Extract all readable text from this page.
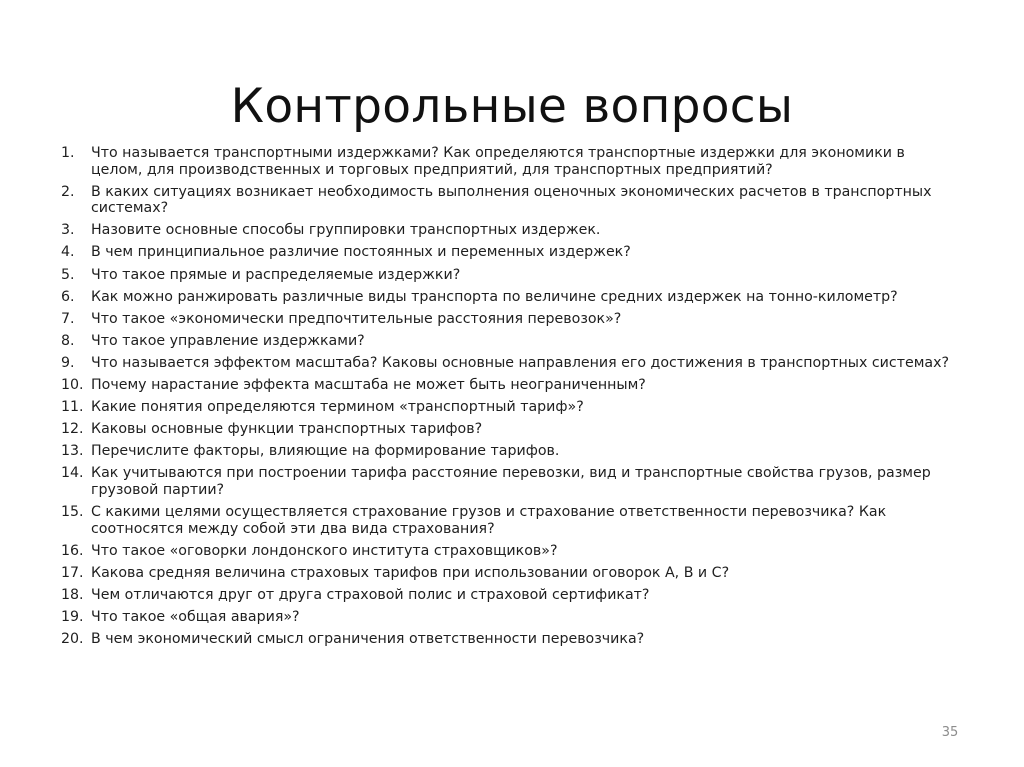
Контрольные вопросы
1.	Что называется транспортными издержками? Как определяются транспортные издержки для экономики в целом, для производственных и торговых предприятий, для транспортных предприятий?
2.	В каких ситуациях возникает необходимость выполнения оценочных экономических расчетов в транспортных системах?
3.	Назовите основные способы группировки транспортных издержек.
4.	В чем принципиальное различие постоянных и переменных издержек?
5.	Что такое прямые и распределяемые издержки?
6.	Как можно ранжировать различные виды транспорта по величине средних издержек на тонно-километр?
7.	Что такое «экономически предпочтительные расстояния перевозок»?
8.	Что такое управление издержками?
9.	Что называется эффектом масштаба? Каковы основные направления его достижения в транспортных системах?
10. Почему нарастание эффекта масштаба не может быть неограниченным?
11. Какие понятия определяются термином «транспортный тариф»?
12. Каковы основные функции транспортных тарифов?
13. Перечислите факторы, влияющие на формирование тарифов.
14. Как учитываются при построении тарифа расстояние перевозки, вид и транспортные свойства грузов, размер грузовой партии?
15. С какими целями осуществляется страхование грузов и страхование ответственности перевозчика? Как соотносятся между собой эти два вида страхования?
16. Что такое «оговорки лондонского института страховщиков»?
17. Какова средняя величина страховых тарифов при использовании оговорок А, В и С?
18. Чем отличаются друг от друга страховой полис и страховой сертификат?
19. Что такое «общая авария»?
20. В чем экономический смысл ограничения ответственности перевозчика?
35
